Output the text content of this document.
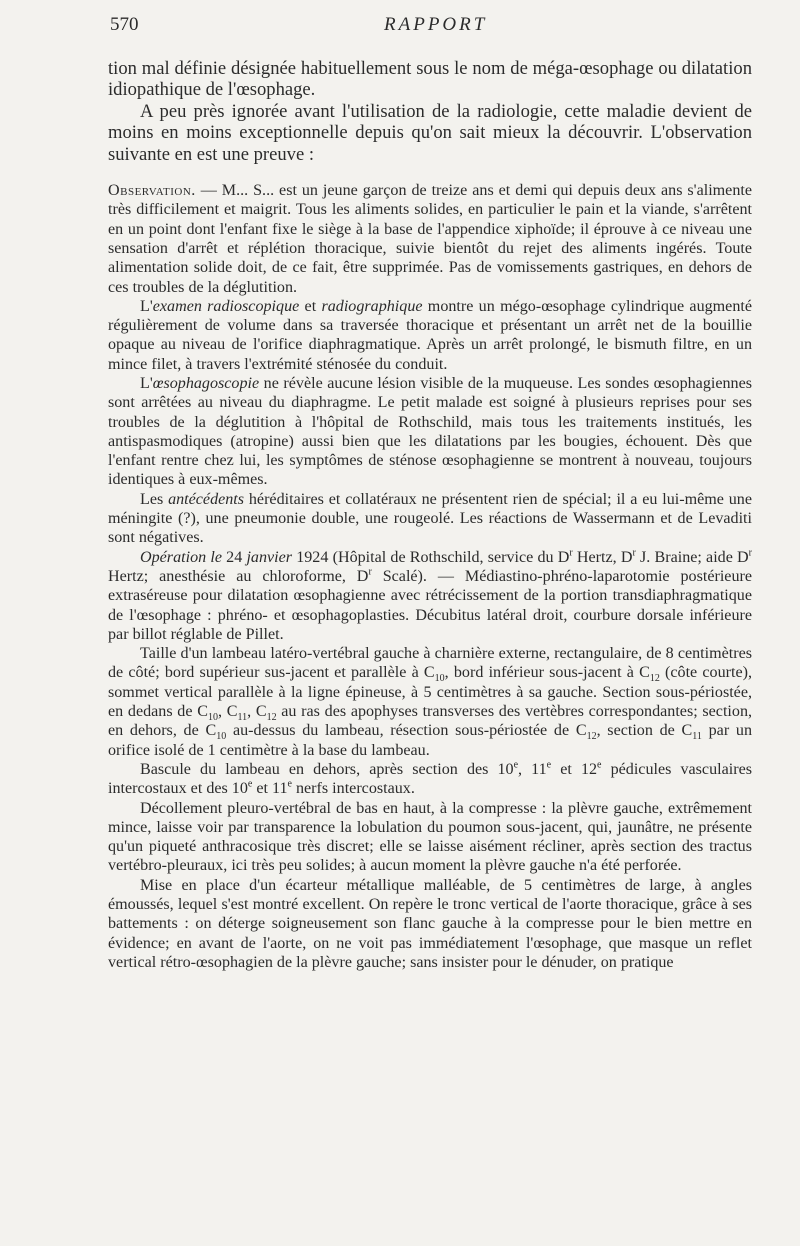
570	RAPPORT

tion mal définie désignée habituellement sous le nom de méga-œsophage ou dilatation idiopathique de l'œsophage.

A peu près ignorée avant l'utilisation de la radiologie, cette maladie devient de moins en moins exceptionnelle depuis qu'on sait mieux la découvrir. L'observation suivante en est une preuve :

Observation. — M... S... est un jeune garçon de treize ans et demi qui depuis deux ans s'alimente très difficilement et maigrit. Tous les aliments solides, en particulier le pain et la viande, s'arrêtent en un point dont l'enfant fixe le siège à la base de l'appendice xiphoïde; il éprouve à ce niveau une sensation d'arrêt et réplétion thoracique, suivie bientôt du rejet des aliments ingérés. Toute alimentation solide doit, de ce fait, être supprimée. Pas de vomissements gastriques, en dehors de ces troubles de la déglutition.

L'examen radioscopique et radiographique montre un mégo-œsophage cylindrique augmenté régulièrement de volume dans sa traversée thoracique et présentant un arrêt net de la bouillie opaque au niveau de l'orifice diaphragmatique. Après un arrêt prolongé, le bismuth filtre, en un mince filet, à travers l'extrémité sténosée du conduit.

L'œsophagoscopie ne révèle aucune lésion visible de la muqueuse. Les sondes œsophagiennes sont arrêtées au niveau du diaphragme. Le petit malade est soigné à plusieurs reprises pour ses troubles de la déglutition à l'hôpital de Rothschild, mais tous les traitements institués, les antispasmodiques (atropine) aussi bien que les dilatations par les bougies, échouent. Dès que l'enfant rentre chez lui, les symptômes de sténose œsophagienne se montrent à nouveau, toujours identiques à eux-mêmes.

Les antécédents héréditaires et collatéraux ne présentent rien de spécial; il a eu lui-même une méningite (?), une pneumonie double, une rougeolé. Les réactions de Wassermann et de Levaditi sont négatives.

Opération le 24 janvier 1924 (Hôpital de Rothschild, service du $D^r$ Hertz, $D^r$ J. Braine; aide $D^r$ Hertz; anesthésie au chloroforme, $D^r$ Scalé). — Médiastino-phréno-laparotomie postérieure extraséreuse pour dilatation œsophagienne avec rétrécissement de la portion transdiaphragmatique de l'œsophage : phréno- et œsophagoplasties. Décubitus latéral droit, courbure dorsale inférieure par billot réglable de Pillet.

Taille d'un lambeau latéro-vertébral gauche à charnière externe, rectangulaire, de 8 centimètres de côté; bord supérieur sus-jacent et parallèle à $C_{10}$, bord inférieur sous-jacent à $C_{12}$ (côte courte), sommet vertical parallèle à la ligne épineuse, à 5 centimètres à sa gauche. Section sous-périostée, en dedans de $C_{10}$, $C_{11}$, $C_{12}$ au ras des apophyses transverses des vertèbres correspondantes; section, en dehors, de $C_{10}$ au-dessus du lambeau, résection sous-périostée de $C_{12}$, section de $C_{11}$ par un orifice isolé de 1 centimètre à la base du lambeau.

Bascule du lambeau en dehors, après section des 10e, 11e et 12e pédicules vasculaires intercostaux et des 10e et 11e nerfs intercostaux.

Décollement pleuro-vertébral de bas en haut, à la compresse : la plèvre gauche, extrêmement mince, laisse voir par transparence la lobulation du poumon sous-jacent, qui, jaunâtre, ne présente qu'un piqueté anthracosique très discret; elle se laisse aisément récliner, après section des tractus vertébro-pleuraux, ici très peu solides; à aucun moment la plèvre gauche n'a été perforée.

Mise en place d'un écarteur métallique malléable, de 5 centimètres de large, à angles émoussés, lequel s'est montré excellent. On repère le tronc vertical de l'aorte thoracique, grâce à ses battements : on déterge soigneusement son flanc gauche à la compresse pour le bien mettre en évidence; en avant de l'aorte, on ne voit pas immédiatement l'œsophage, que masque un reflet vertical rétro-œsophagien de la plèvre gauche; sans insister pour le dénuder, on pratique
